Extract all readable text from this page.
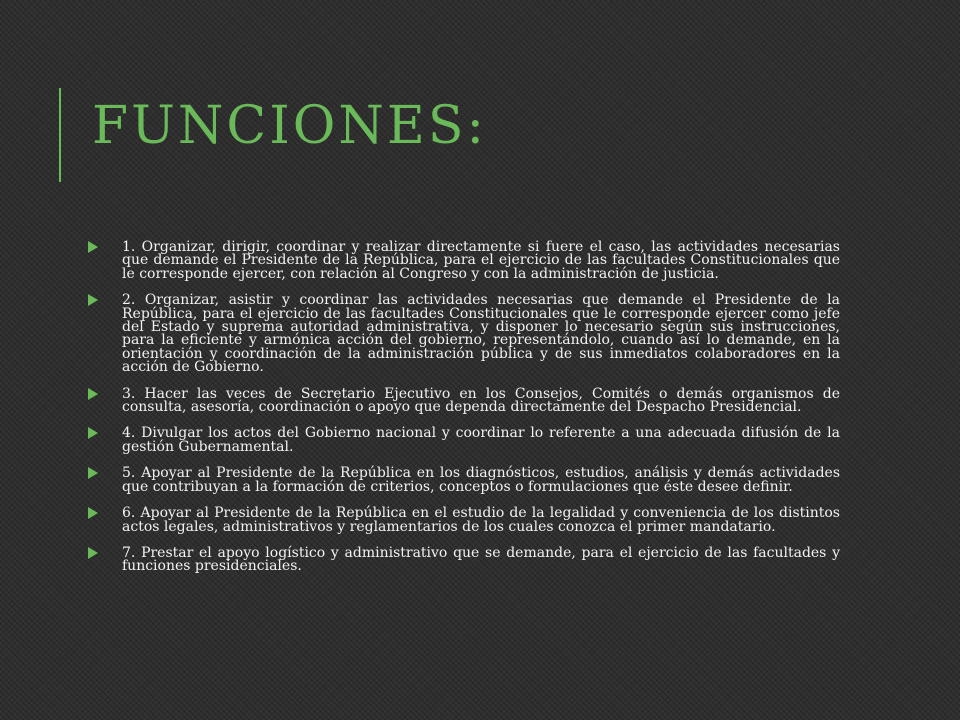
FUNCIONES:
1. Organizar, dirigir, coordinar y realizar directamente si fuere el caso, las actividades necesarias que demande el Presidente de la República, para el ejercicio de las facultades Constitucionales que le corresponde ejercer, con relación al Congreso y con la administración de justicia.
2. Organizar, asistir y coordinar las actividades necesarias que demande el Presidente de la República, para el ejercicio de las facultades Constitucionales que le corresponde ejercer como jefe del Estado y suprema autoridad administrativa, y disponer lo necesario según sus instrucciones, para la eficiente y armónica acción del gobierno, representándolo, cuando así lo demande, en la orientación y coordinación de la administración pública y de sus inmediatos colaboradores en la acción de Gobierno.
3. Hacer las veces de Secretario Ejecutivo en los Consejos, Comités o demás organismos de consulta, asesoría, coordinación o apoyo que dependa directamente del Despacho Presidencial.
4. Divulgar los actos del Gobierno nacional y coordinar lo referente a una adecuada difusión de la gestión Gubernamental.
5. Apoyar al Presidente de la República en los diagnósticos, estudios, análisis y demás actividades que contribuyan a la formación de criterios, conceptos o formulaciones que éste desee definir.
6. Apoyar al Presidente de la República en el estudio de la legalidad y conveniencia de los distintos actos legales, administrativos y reglamentarios de los cuales conozca el primer mandatario.
7. Prestar el apoyo logístico y administrativo que se demande, para el ejercicio de las facultades y funciones presidenciales.
